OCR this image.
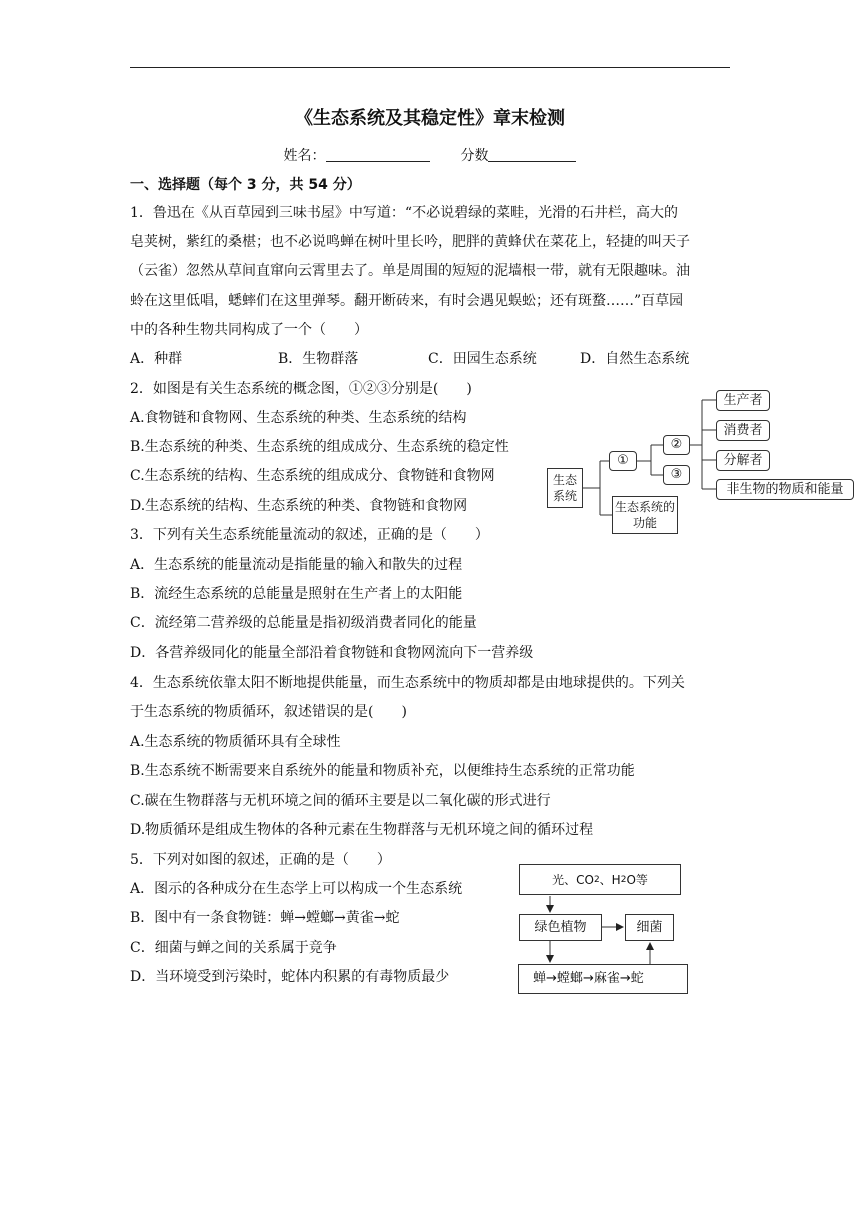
《生态系统及其稳定性》章末检测
姓名：	分数
一、选择题（每个 3 分，共 54 分）
1．鲁迅在《从百草园到三味书屋》中写道：“不必说碧绿的菜畦，光滑的石井栏，高大的
皂荚树，紫红的桑椹；也不必说鸣蝉在树叶里长吟，肥胖的黄蜂伏在菜花上，轻捷的叫天子
（云雀）忽然从草间直窜向云霄里去了。单是周围的短短的泥墙根一带，就有无限趣味。油
蛉在这里低唱，蟋蟀们在这里弹琴。翻开断砖来，有时会遇见蜈蚣；还有斑蝥……”百草园
中的各种生物共同构成了一个（　　）
A．种群	B．生物群落	C．田园生态系统	D．自然生态系统
2．如图是有关生态系统的概念图，①②③分别是(　　)
A.食物链和食物网、生态系统的种类、生态系统的结构
B.生态系统的种类、生态系统的组成成分、生态系统的稳定性
C.生态系统的结构、生态系统的组成成分、食物链和食物网
D.生态系统的结构、生态系统的种类、食物链和食物网
3．下列有关生态系统能量流动的叙述，正确的是（　　）
A．生态系统的能量流动是指能量的输入和散失的过程
B．流经生态系统的总能量是照射在生产者上的太阳能
C．流经第二营养级的总能量是指初级消费者同化的能量
D．各营养级同化的能量全部沿着食物链和食物网流向下一营养级
4．生态系统依靠太阳不断地提供能量，而生态系统中的物质却都是由地球提供的。下列关
于生态系统的物质循环，叙述错误的是(　　)
A.生态系统的物质循环具有全球性
B.生态系统不断需要来自系统外的能量和物质补充，以便维持生态系统的正常功能
C.碳在生物群落与无机环境之间的循环主要是以二氧化碳的形式进行
D.物质循环是组成生物体的各种元素在生物群落与无机环境之间的循环过程
5．下列对如图的叙述，正确的是（　　）
A．图示的各种成分在生态学上可以构成一个生态系统
B．图中有一条食物链：蝉→螳螂→黄雀→蛇
C．细菌与蝉之间的关系属于竞争
D．当环境受到污染时，蛇体内积累的有毒物质最少
生态系统
①
生态系统的功能
②
③
生产者
消费者
分解者
非生物的物质和能量
光、CO 2 、H 2 O等
绿色植物	细菌
蝉 → 螳螂 → 麻雀 → 蛇
